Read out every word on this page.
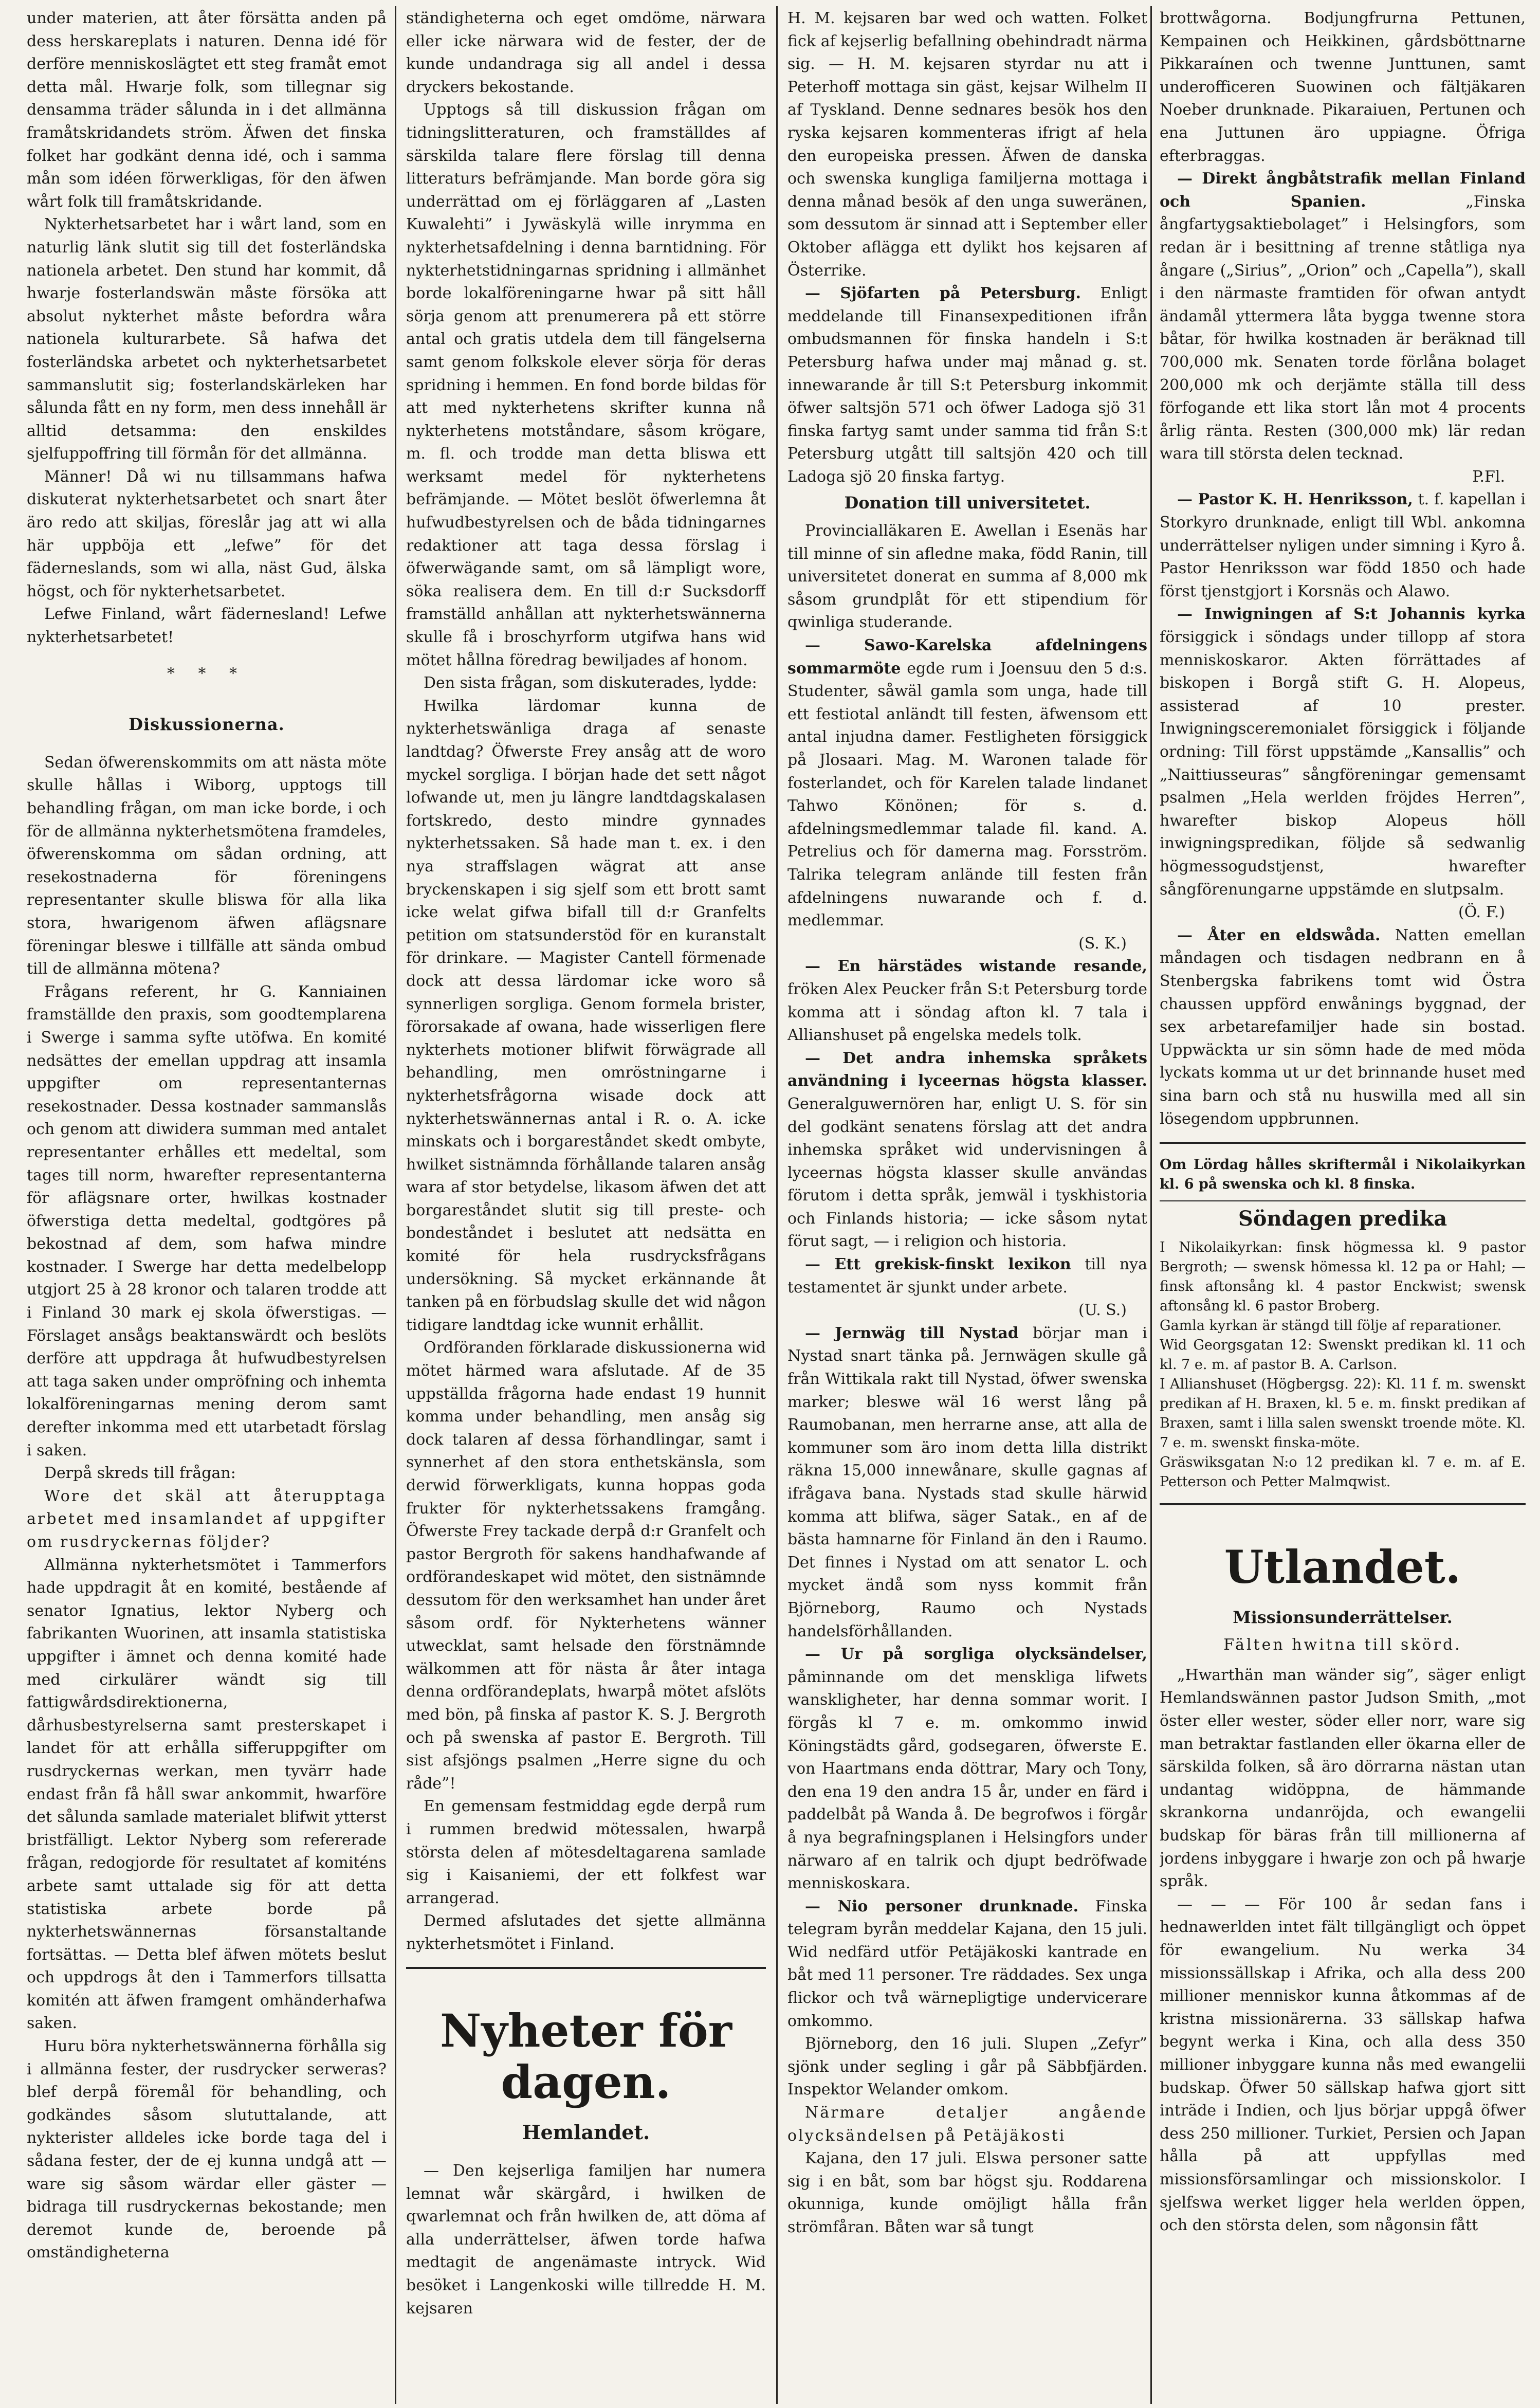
under materien, att åter försätta anden på dess herskareplats i naturen. Denna idé för derföre menniskoslägtet ett steg framåt emot detta mål. Hwarje folk, som tillegnar sig densamma träder sålunda in i det allmänna framåtskridandets ström. Äfwen det finska folket har godkänt denna idé, och i samma mån som idéen förwerkligas, för den äfwen wårt folk till framåtskridande.

Nykterhetsarbetet har i wårt land, som en naturlig länk slutit sig till det fosterländska nationela arbetet. Den stund har kommit, då hwarje fosterlandswän måste försöka att absolut nykterhet måste befordra wåra nationela kulturarbete. Så hafwa det fosterländska arbetet och nykterhetsarbetet sammanslutit sig; fosterlandskärleken har sålunda fått en ny form, men dess innehåll är alltid detsamma: den enskildes sjelfuppoffring till förmån för det allmänna.

Männer! Då wi nu tillsammans hafwa diskuterat nykterhetsarbetet och snart åter äro redo att skiljas, föreslår jag att wi alla här uppböja ett „lefwe” för det fäderneslands, som wi alla, näst Gud, älska högst, och för nykterhetsarbetet.

Lefwe Finland, wårt fädernesland! Lefwe nykterhetsarbetet!

* * *
Diskussionerna.

Sedan öfwerenskommits om att nästa möte skulle hållas i Wiborg, upptogs till behandling frågan, om man icke borde, i och för de allmänna nykterhetsmötena framdeles, öfwerenskomma om sådan ordning, att resekostnaderna för föreningens representanter skulle bliswa för alla lika stora, hwarigenom äfwen aflägsnare föreningar bleswe i tillfälle att sända ombud till de allmänna mötena?

Frågans referent, hr G. Kanniainen framställde den praxis, som goodtemplarena i Swerge i samma syfte utöfwa. En komité nedsättes der emellan uppdrag att insamla uppgifter om representanternas resekostnader. Dessa kostnader sammanslås och genom att diwidera summan med antalet representanter erhålles ett medeltal, som tages till norm, hwarefter representanterna för aflägsnare orter, hwilkas kostnader öfwerstiga detta medeltal, godtgöres på bekostnad af dem, som hafwa mindre kostnader. I Swerge har detta medelbelopp utgjort 25 à 28 kronor och talaren trodde att i Finland 30 mark ej skola öfwerstigas. — Förslaget ansågs beaktanswärdt och beslöts derföre att uppdraga åt hufwudbestyrelsen att taga saken under ompröfning och inhemta lokalföreningarnas mening derom samt derefter inkomma med ett utarbetadt förslag i saken.

Derpå skreds till frågan:

Wore det skäl att återupptaga arbetet med insamlandet af uppgifter om rusdryckernas följder?

Allmänna nykterhetsmötet i Tammerfors hade uppdragit åt en komité, bestående af senator Ignatius, lektor Nyberg och fabrikanten Wuorinen, att insamla statistiska uppgifter i ämnet och denna komité hade med cirkulärer wändt sig till fattigwårdsdirektionerna, dårhusbestyrelserna samt presterskapet i landet för att erhålla sifferuppgifter om rusdryckernas werkan, men tyvärr hade endast från få håll swar ankommit, hwarföre det sålunda samlade materialet blifwit ytterst bristfälligt. Lektor Nyberg som refererade frågan, redogjorde för resultatet af komiténs arbete samt uttalade sig för att detta statistiska arbete borde på nykterhetswännernas försanstaltande fortsättas. — Detta blef äfwen mötets beslut och uppdrogs åt den i Tammerfors tillsatta komitén att äfwen framgent omhänderhafwa saken.

Huru böra nykterhetswännerna förhålla sig i allmänna fester, der rusdrycker serweras? blef derpå föremål för behandling, och godkändes såsom slututtalande, att nykterister alldeles icke borde taga del i sådana fester, der de ej kunna undgå att — ware sig såsom wärdar eller gäster — bidraga till rusdryckernas bekostande; men deremot kunde de, beroende på omständigheterna

ständigheterna och eget omdöme, närwara eller icke närwara wid de fester, der de kunde undandraga sig all andel i dessa dryckers bekostande.

Upptogs så till diskussion frågan om tidningslitteraturen, och framställdes af särskilda talare flere förslag till denna litteraturs befrämjande. Man borde göra sig underrättad om ej förläggaren af „Lasten Kuwalehti” i Jywäskylä wille inrymma en nykterhetsafdelning i denna barntidning. För nykterhetstidningarnas spridning i allmänhet borde lokalföreningarne hwar på sitt håll sörja genom att prenumerera på ett större antal och gratis utdela dem till fängelserna samt genom folkskole elever sörja för deras spridning i hemmen. En fond borde bildas för att med nykterhetens skrifter kunna nå nykterhetens motståndare, såsom krögare, m. fl. och trodde man detta bliswa ett werksamt medel för nykterhetens befrämjande. — Mötet beslöt öfwerlemna åt hufwudbestyrelsen och de båda tidningarnes redaktioner att taga dessa förslag i öfwerwägande samt, om så lämpligt wore, söka realisera dem. En till d:r Sucksdorff framställd anhållan att nykterhetswännerna skulle få i broschyrform utgifwa hans wid mötet hållna föredrag bewiljades af honom.

Den sista frågan, som diskuterades, lydde:

Hwilka lärdomar kunna de nykterhetswänliga draga af senaste landtdag? Öfwerste Frey ansåg att de woro myckel sorgliga. I början hade det sett något lofwande ut, men ju längre landtdagskalasen fortskredo, desto mindre gynnades nykterhetssaken. Så hade man t. ex. i den nya straffslagen wägrat att anse bryckenskapen i sig sjelf som ett brott samt icke welat gifwa bifall till d:r Granfelts petition om statsunderstöd för en kuranstalt för drinkare. — Magister Cantell förmenade dock att dessa lärdomar icke woro så synnerligen sorgliga. Genom formela brister, förorsakade af owana, hade wisserligen flere nykterhets motioner blifwit förwägrade all behandling, men omröstningarne i nykterhetsfrågorna wisade dock att nykterhetswännernas antal i R. o. A. icke minskats och i borgareståndet skedt ombyte, hwilket sistnämnda förhållande talaren ansåg wara af stor betydelse, likasom äfwen det att borgareståndet slutit sig till preste- och bondeståndet i beslutet att nedsätta en komité för hela rusdrycksfrågans undersökning. Så mycket erkännande åt tanken på en förbudslag skulle det wid någon tidigare landtdag icke wunnit erhållit.

Ordföranden förklarade diskussionerna wid mötet härmed wara afslutade. Af de 35 uppställda frågorna hade endast 19 hunnit komma under behandling, men ansåg sig dock talaren af dessa förhandlingar, samt i synnerhet af den stora enthetskänsla, som derwid förwerkligats, kunna hoppas goda frukter för nykterhetssakens framgång. Öfwerste Frey tackade derpå d:r Granfelt och pastor Bergroth för sakens handhafwande af ordförandeskapet wid mötet, den sistnämnde dessutom för den werksamhet han under året såsom ordf. för Nykterhetens wänner utwecklat, samt helsade den förstnämnde wälkommen att för nästa år åter intaga denna ordförandeplats, hwarpå mötet afslöts med bön, på finska af pastor K. S. J. Bergroth och på swenska af pastor E. Bergroth. Till sist afsjöngs psalmen „Herre signe du och råde”!

En gemensam festmiddag egde derpå rum i rummen bredwid mötessalen, hwarpå största delen af mötesdeltagarena samlade sig i Kaisaniemi, der ett folkfest war arrangerad.

Dermed afslutades det sjette allmänna nykterhetsmötet i Finland.

Nyheter för dagen.
Hemlandet.

— Den kejserliga familjen har numera lemnat wår skärgård, i hwilken de qwarlemnat och från hwilken de, att döma af alla underrättelser, äfwen torde hafwa medtagit de angenämaste intryck. Wid besöket i Langenkoski wille tillredde H. M. kejsaren

H. M. kejsaren bar wed och watten. Folket fick af kejserlig befallning obehindradt närma sig. — H. M. kejsaren styrdar nu att i Peterhoff mottaga sin gäst, kejsar Wilhelm II af Tyskland. Denne sednares besök hos den ryska kejsaren kommenteras ifrigt af hela den europeiska pressen. Äfwen de danska och swenska kungliga familjerna mottaga i denna månad besök af den unga suweränen, som dessutom är sinnad att i September eller Oktober aflägga ett dylikt hos kejsaren af Österrike.

— Sjöfarten på Petersburg. Enligt meddelande till Finansexpeditionen ifrån ombudsmannen för finska handeln i S:t Petersburg hafwa under maj månad g. st. innewarande år till S:t Petersburg inkommit öfwer saltsjön 571 och öfwer Ladoga sjö 31 finska fartyg samt under samma tid från S:t Petersburg utgått till saltsjön 420 och till Ladoga sjö 20 finska fartyg.

Donation till universitetet.

Provincialläkaren E. Awellan i Esenäs har till minne of sin afledne maka, född Ranin, till universitetet donerat en summa af 8,000 mk såsom grundplåt för ett stipendium för qwinliga studerande.

— Sawo-Karelska afdelningens sommarmöte egde rum i Joensuu den 5 d:s. Studenter, såwäl gamla som unga, hade till ett festiotal anländt till festen, äfwensom ett antal injudna damer. Festligheten försiggick på Jlosaari. Mag. M. Waronen talade för fosterlandet, och för Karelen talade lindanet Tahwo Könönen; för s. d. afdelningsmedlemmar talade fil. kand. A. Petrelius och för damerna mag. Forsström. Talrika telegram anlände till festen från afdelningens nuwarande och f. d. medlemmar.

(S. K.)

— En härstädes wistande resande, fröken Alex Peucker från S:t Petersburg torde komma att i söndag afton kl. 7 tala i Allianshuset på engelska medels tolk.

— Det andra inhemska språkets användning i lyceernas högsta klasser. Generalguwernören har, enligt U. S. för sin del godkänt senatens förslag att det andra inhemska språket wid undervisningen å lyceernas högsta klasser skulle användas förutom i detta språk, jemwäl i tyskhistoria och Finlands historia; — icke såsom nytat förut sagt, — i religion och historia.

— Ett grekisk-finskt lexikon till nya testamentet är sjunkt under arbete.

(U. S.)

— Jernwäg till Nystad börjar man i Nystad snart tänka på. Jernwägen skulle gå från Wittikala rakt till Nystad, öfwer swenska marker; bleswe wäl 16 werst lång på Raumobanan, men herrarne anse, att alla de kommuner som äro inom detta lilla distrikt räkna 15,000 innewånare, skulle gagnas af ifrågava bana. Nystads stad skulle härwid komma att blifwa, säger Satak., en af de bästa hamnarne för Finland än den i Raumo. Det finnes i Nystad om att senator L. och mycket ändå som nyss kommit från Björneborg, Raumo och Nystads handelsförhållanden.

— Ur på sorgliga olycksändelser, påminnande om det menskliga lifwets wanskligheter, har denna sommar worit. I förgås kl 7 e. m. omkommo inwid Köningstädts gård, godsegaren, öfwerste E. von Haartmans enda döttrar, Mary och Tony, den ena 19 den andra 15 år, under en färd i paddelbåt på Wanda å. De begrofwos i förgår å nya begrafningsplanen i Helsingfors under närwaro af en talrik och djupt bedröfwade menniskoskara.

— Nio personer drunknade. Finska telegram byrån meddelar Kajana, den 15 juli. Wid nedfärd utför Petäjäkoski kantrade en båt med 11 personer. Tre räddades. Sex unga flickor och två wärnepligtige undervicerare omkommo.

Björneborg, den 16 juli. Slupen „Zefyr” sjönk under segling i går på Säbbfjärden. Inspektor Welander omkom.

Närmare detaljer angående olycksändelsen på Petäjäkosti

Kajana, den 17 juli. Elswa personer satte sig i en båt, som bar högst sju. Roddarena okunniga, kunde omöjligt hålla från strömfåran. Båten war så tungt

brottwågorna. Bodjungfrurna Pettunen, Kempainen och Heikkinen, gårdsböttnarne Pikkaraínen och twenne Junttunen, samt underofficeren Suowinen och fältjäkaren Noeber drunknade. Pikaraiuen, Pertunen och ena Juttunen äro uppiagne. Öfriga efterbraggas.

— Direkt ångbåtstrafik mellan Finland och Spanien.	„Finska ångfartygsaktiebolaget” i Helsingfors, som redan är i besittning af trenne ståtliga nya ångare („Sirius”, „Orion” och „Capella”), skall i den närmaste framtiden för ofwan antydt ändamål yttermera låta bygga twenne stora båtar, för hwilka kostnaden är beräknad till 700,000 mk. Senaten torde förlåna bolaget 200,000 mk och derjämte ställa till dess förfogande ett lika stort lån mot 4 procents årlig ränta. Resten (300,000 mk) lär redan wara till största delen tecknad.

P.Fl.

— Pastor K. H. Henriksson, t. f. kapellan i Storkyro drunknade, enligt till Wbl. ankomna underrättelser nyligen under simning i Kyro å. Pastor Henriksson war född 1850 och hade först tjenstgjort i Korsnäs och Alawo.

— Inwigningen af S:t Johannis kyrka försiggick i söndags under tillopp af stora menniskoskaror. Akten förrättades af biskopen i Borgå stift G. H. Alopeus, assisterad af 10 prester. Inwigningsceremonialet försiggick i följande ordning: Till först uppstämde „Kansallis” och „Naittiusseuras” sångföreningar gemensamt psalmen „Hela werlden fröjdes Herren”, hwarefter biskop Alopeus höll inwigningspredikan, följde så sedwanlig högmessogudstjenst, hwarefter sångförenungarne uppstämde en slutpsalm.

(Ö. F.)

— Åter en eldswåda. Natten emellan måndagen och tisdagen nedbrann en å Stenbergska fabrikens tomt wid Östra chaussen uppförd enwånings byggnad, der sex arbetarefamiljer hade sin bostad. Uppwäckta ur sin sömn hade de med möda lyckats komma ut ur det brinnande huset med sina barn och stå nu huswilla med all sin lösegendom uppbrunnen.

Om Lördag hålles skriftermål i Nikolaikyrkan kl. 6 på swenska och kl. 8 finska.

Söndagen predika

I Nikolaikyrkan: finsk högmessa kl. 9 pastor Bergroth; — swensk hömessa kl. 12 pa or Hahl; — finsk aftonsång kl. 4 pastor Enckwist; swensk aftonsång kl. 6 pastor Broberg.

Gamla kyrkan är stängd till följe af reparationer.

Wid Georgsgatan 12: Swenskt predikan kl. 11 och kl. 7 e. m. af pastor B. A. Carlson.

I Allianshuset (Högbergsg. 22): Kl. 11 f. m. swenskt predikan af H. Braxen, kl. 5 e. m. finskt predikan af Braxen, samt i lilla salen swenskt troende möte. Kl. 7 e. m. swenskt finska-möte.

Gräswiksgatan N:o 12 predikan kl. 7 e. m. af E. Petterson och Petter Malmqwist.

Utlandet.
Missionsunderrättelser.
Fälten hwitna till skörd.

„Hwarthän man wänder sig”, säger enligt Hemlandswännen pastor Judson Smith, „mot öster eller wester, söder eller norr, ware sig man betraktar fastlanden eller ökarna eller de särskilda folken, så äro dörrarna nästan utan undantag widöppna, de hämmande skrankorna undanröjda, och ewangelii budskap för bäras från till millionerna af jordens inbyggare i hwarje zon och på hwarje språk.

— — — För 100 år sedan fans i hednawerlden intet fält tillgängligt och öppet för ewangelium. Nu werka 34 missionssällskap i Afrika, och alla dess 200 millioner menniskor kunna åtkommas af de kristna missionärerna. 33 sällskap hafwa begynt werka i Kina, och alla dess 350 millioner inbyggare kunna nås med ewangelii budskap. Öfwer 50 sällskap hafwa gjort sitt inträde i Indien, och ljus börjar uppgå öfwer dess 250 millioner. Turkiet, Persien och Japan hålla på att uppfyllas med missionsförsamlingar och missionskolor. I sjelfswa werket ligger hela werlden öppen, och den största delen, som någonsin fått
